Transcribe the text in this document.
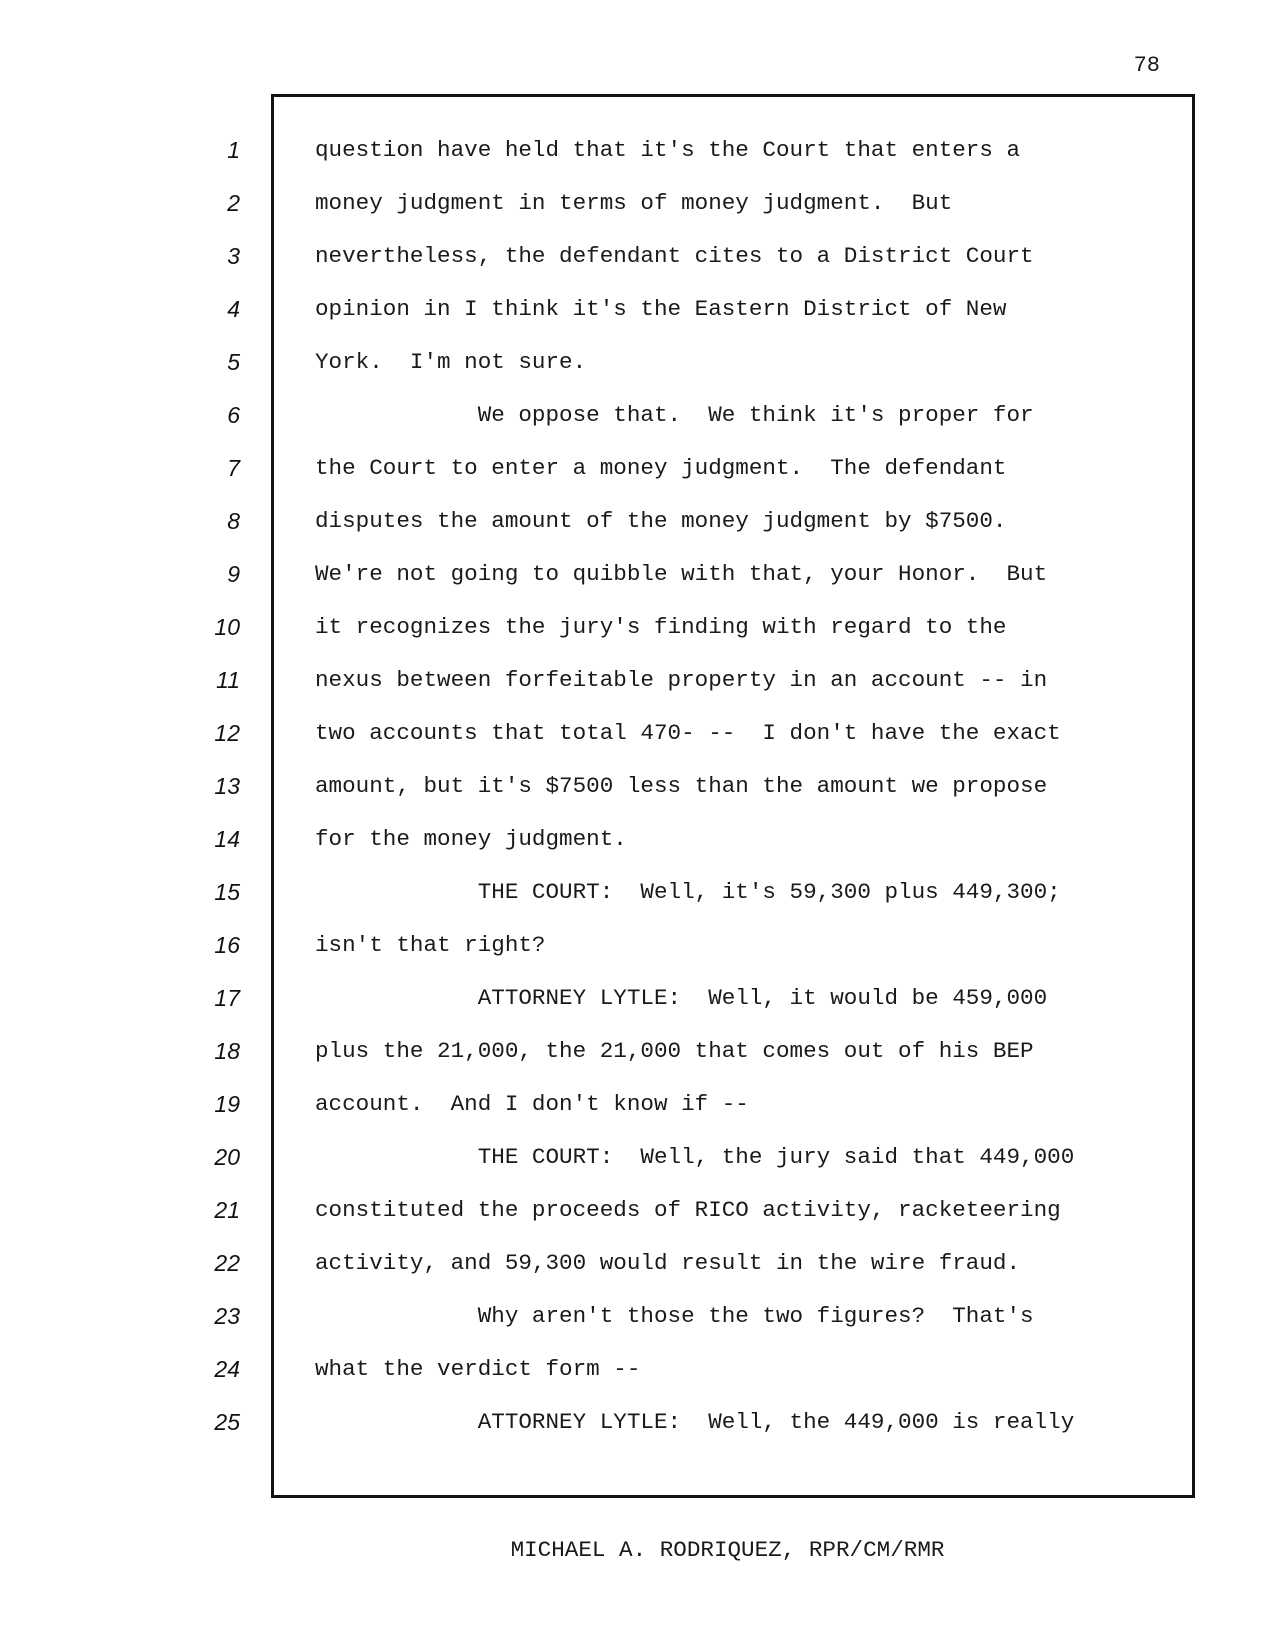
78
1
2
3
4
5
6
7
8
9
10
11
12
13
14
15
16
17
18
19
20
21
22
23
24
25
question have held that it's the Court that enters a
money judgment in terms of money judgment.  But
nevertheless, the defendant cites to a District Court
opinion in I think it's the Eastern District of New
York.  I'm not sure.
We oppose that.  We think it's proper for
the Court to enter a money judgment.  The defendant
disputes the amount of the money judgment by $7500.
We're not going to quibble with that, your Honor.  But
it recognizes the jury's finding with regard to the
nexus between forfeitable property in an account -- in
two accounts that total 470- --  I don't have the exact
amount, but it's $7500 less than the amount we propose
for the money judgment.
THE COURT:  Well, it's 59,300 plus 449,300;
isn't that right?
ATTORNEY LYTLE:  Well, it would be 459,000
plus the 21,000, the 21,000 that comes out of his BEP
account.  And I don't know if --
THE COURT:  Well, the jury said that 449,000
constituted the proceeds of RICO activity, racketeering
activity, and 59,300 would result in the wire fraud.
Why aren't those the two figures?  That's
what the verdict form --
ATTORNEY LYTLE:  Well, the 449,000 is really
MICHAEL A. RODRIQUEZ, RPR/CM/RMR
